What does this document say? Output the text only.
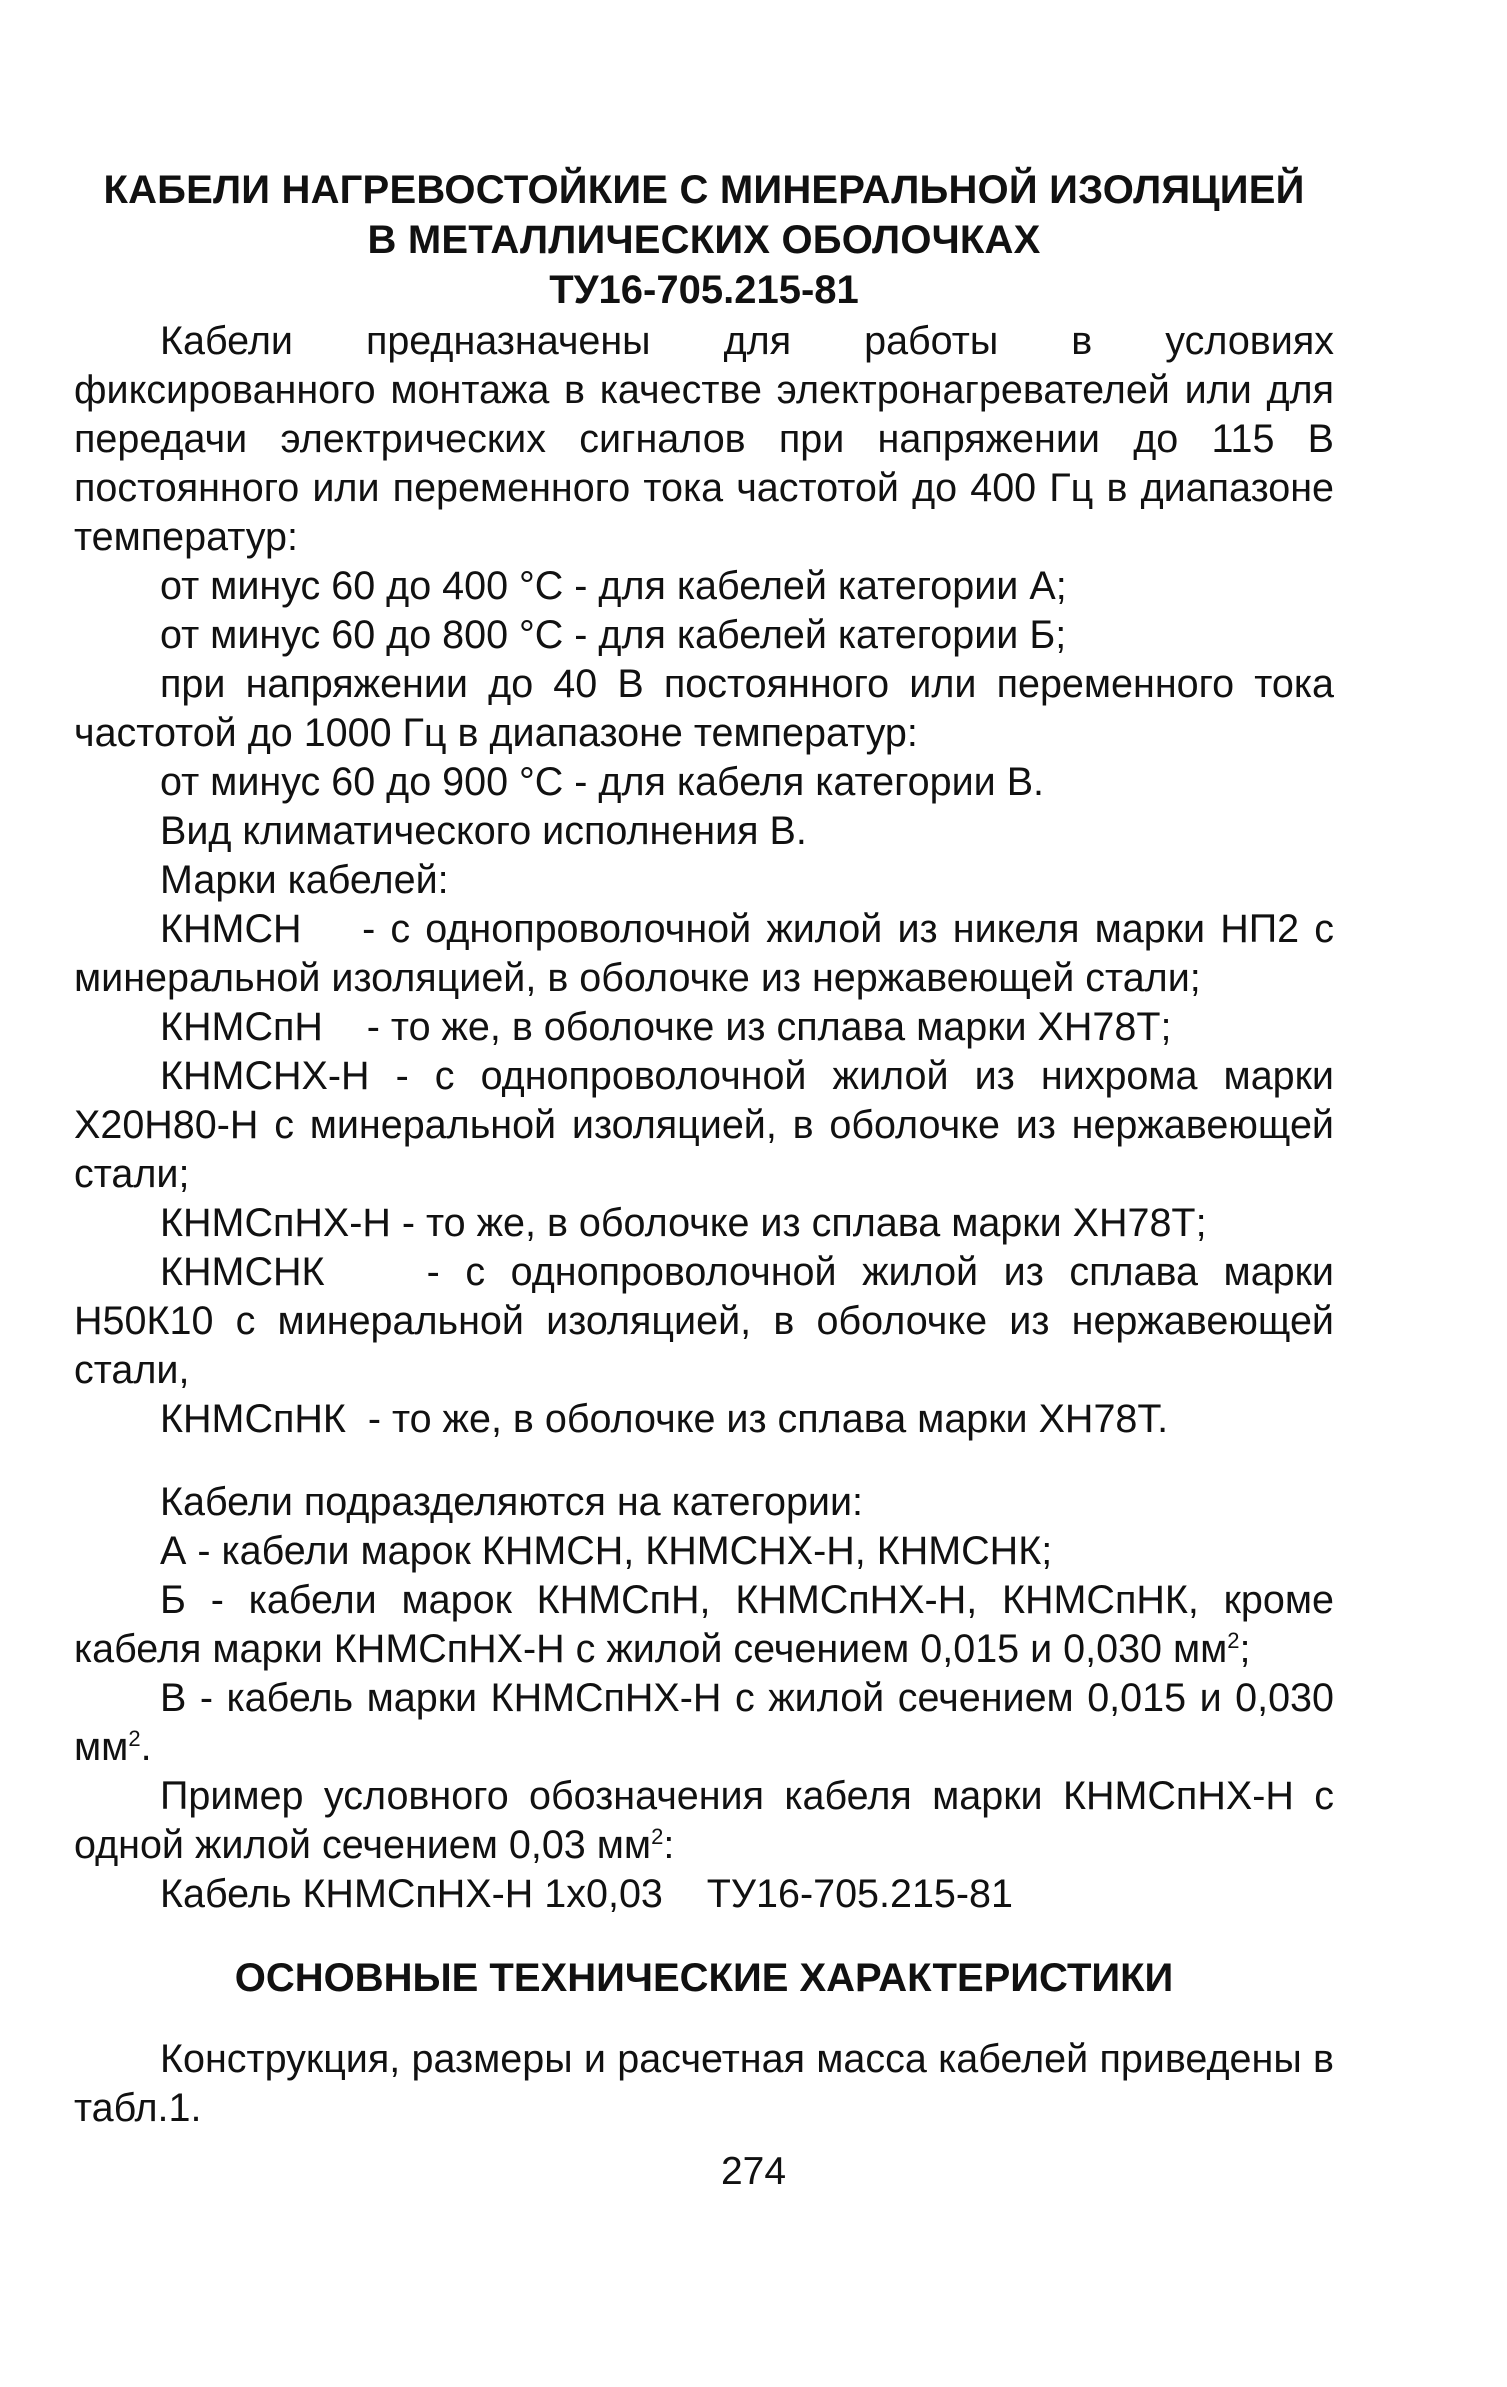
КАБЕЛИ НАГРЕВОСТОЙКИЕ С МИНЕРАЛЬНОЙ ИЗОЛЯЦИЕЙ
В МЕТАЛЛИЧЕСКИХ ОБОЛОЧКАХ
ТУ16-705.215-81

Кабели предназначены для работы в условиях фиксированного монтажа в качестве электронагревателей или для передачи электрических сигналов при напряжении до 115 В постоянного или переменного тока частотой до 400 Гц в диапазоне температур:

от минус 60 до 400 °С - для кабелей категории А;

от минус 60 до 800 °С - для кабелей категории Б;

при напряжении до 40 В постоянного или переменного тока частотой до 1000 Гц в диапазоне температур:

от минус 60 до 900 °С - для кабеля категории В.

Вид климатического исполнения В.

Марки кабелей:

КНМСН    - с однопроволочной жилой из никеля марки НП2 с минеральной изоляцией, в оболочке из нержавеющей стали;

КНМСпН    - то же, в оболочке из сплава марки ХН78Т;

КНМСНХ-Н - с однопроволочной жилой из нихрома марки Х20Н80-Н с минеральной изоляцией, в оболочке из нержавеющей стали;

КНМСпНХ-Н - то же, в оболочке из сплава марки ХН78Т;

КНМСНК    - с однопроволочной жилой из сплава марки Н50К10 с минеральной изоляцией, в оболочке из нержавеющей стали,

КНМСпНК  - то же, в оболочке из сплава марки ХН78Т.

Кабели подразделяются на категории:

А - кабели марок КНМСН, КНМСНХ-Н, КНМСНК;

Б - кабели марок КНМСпН, КНМСпНХ-Н, КНМСпНК, кроме кабеля марки КНМСпНХ-Н с жилой сечением 0,015 и 0,030 $мм^2$;

В - кабель марки КНМСпНХ-Н с жилой сечением 0,015 и 0,030 $мм^2$.

Пример условного обозначения кабеля марки КНМСпНХ-Н с одной жилой сечением 0,03 $мм^2$:

Кабель КНМСпНХ-Н 1х0,03    ТУ16-705.215-81

ОСНОВНЫЕ ТЕХНИЧЕСКИЕ ХАРАКТЕРИСТИКИ

Конструкция, размеры и расчетная масса кабелей приведены в табл.1.

274
